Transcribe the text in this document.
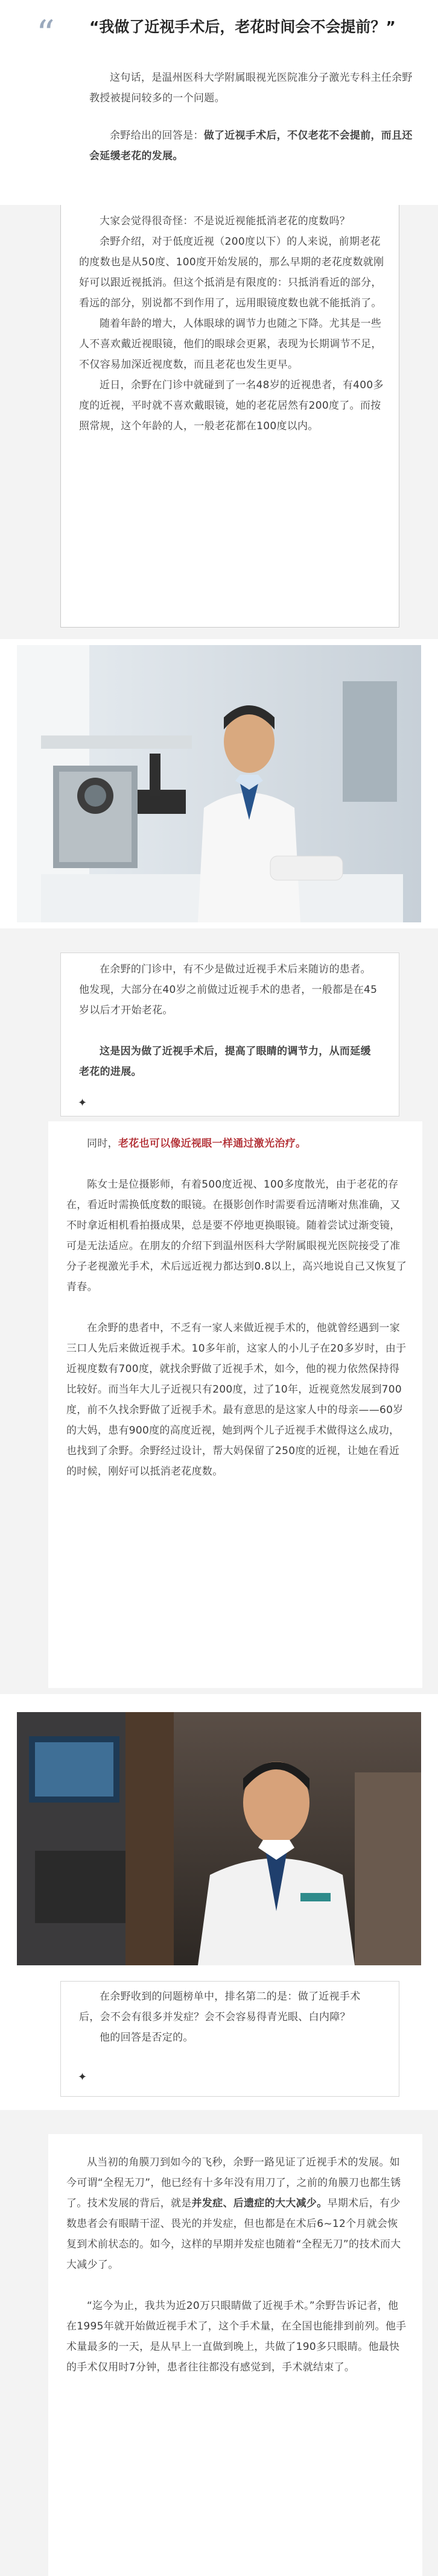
“ “我做了近视手术后，老花时间会不会提前？”

这句话，是温州医科大学附属眼视光医院准分子激光专科主任余野教授被提问较多的一个问题。

余野给出的回答是：做了近视手术后，不仅老花不会提前，而且还会延缓老花的发展。

大家会觉得很奇怪：不是说近视能抵消老花的度数吗？

余野介绍，对于低度近视（200度以下）的人来说，前期老花的度数也是从50度、100度开始发展的，那么早期的老花度数就刚好可以跟近视抵消。但这个抵消是有限度的：只抵消看近的部分，看远的部分，别说都不到作用了，远用眼镜度数也就不能抵消了。

随着年龄的增大，人体眼球的调节力也随之下降。尤其是一些人不喜欢戴近视眼镜，他们的眼球会更累，表现为长期调节不足，不仅容易加深近视度数，而且老花也发生更早。

近日，余野在门诊中就碰到了一名48岁的近视患者，有400多度的近视，平时就不喜欢戴眼镜，她的老花居然有200度了。而按照常规，这个年龄的人，一般老花都在100度以内。

在余野的门诊中，有不少是做过近视手术后来随访的患者。他发现，大部分在40岁之前做过近视手术的患者，一般都是在45岁以后才开始老花。

这是因为做了近视手术后，提高了眼睛的调节力，从而延缓老花的进展。

✦

同时，老花也可以像近视眼一样通过激光治疗。

陈女士是位摄影师，有着500度近视、100多度散光，由于老花的存在，看近时需换低度数的眼镜。在摄影创作时需要看远清晰对焦准确，又不时拿近相机看拍摄成果，总是要不停地更换眼镜。随着尝试过渐变镜，可是无法适应。在朋友的介绍下到温州医科大学附属眼视光医院接受了准分子老视激光手术，术后远近视力都达到0.8以上，高兴地说自己又恢复了青春。

在余野的患者中，不乏有一家人来做近视手术的，他就曾经遇到一家三口人先后来做近视手术。10多年前，这家人的小儿子在20多岁时，由于近视度数有700度，就找余野做了近视手术，如今，他的视力依然保持得比较好。而当年大儿子近视只有200度，过了10年，近视竟然发展到700度，前不久找余野做了近视手术。最有意思的是这家人中的母亲——60岁的大妈，患有900度的高度近视，她到两个儿子近视手术做得这么成功，也找到了余野。余野经过设计，帮大妈保留了250度的近视，让她在看近的时候，刚好可以抵消老花度数。

在余野收到的问题榜单中，排名第二的是：做了近视手术后，会不会有很多并发症？会不会容易得青光眼、白内障？

他的回答是否定的。

✦

从当初的角膜刀到如今的飞秒，余野一路见证了近视手术的发展。如今可谓“全程无刀”，他已经有十多年没有用刀了，之前的角膜刀也都生锈了。技术发展的背后，就是并发症、后遗症的大大减少。早期术后，有少数患者会有眼睛干涩、畏光的并发症，但也都是在术后6~12个月就会恢复到术前状态的。如今，这样的早期并发症也随着“全程无刀”的技术而大大减少了。

“迄今为止，我共为近20万只眼睛做了近视手术。”余野告诉记者，他在1995年就开始做近视手术了，这个手术量，在全国也能排到前列。他手术量最多的一天，是从早上一直做到晚上，共做了190多只眼睛。他最快的手术仅用时7分钟，患者往往都没有感觉到，手术就结束了。
